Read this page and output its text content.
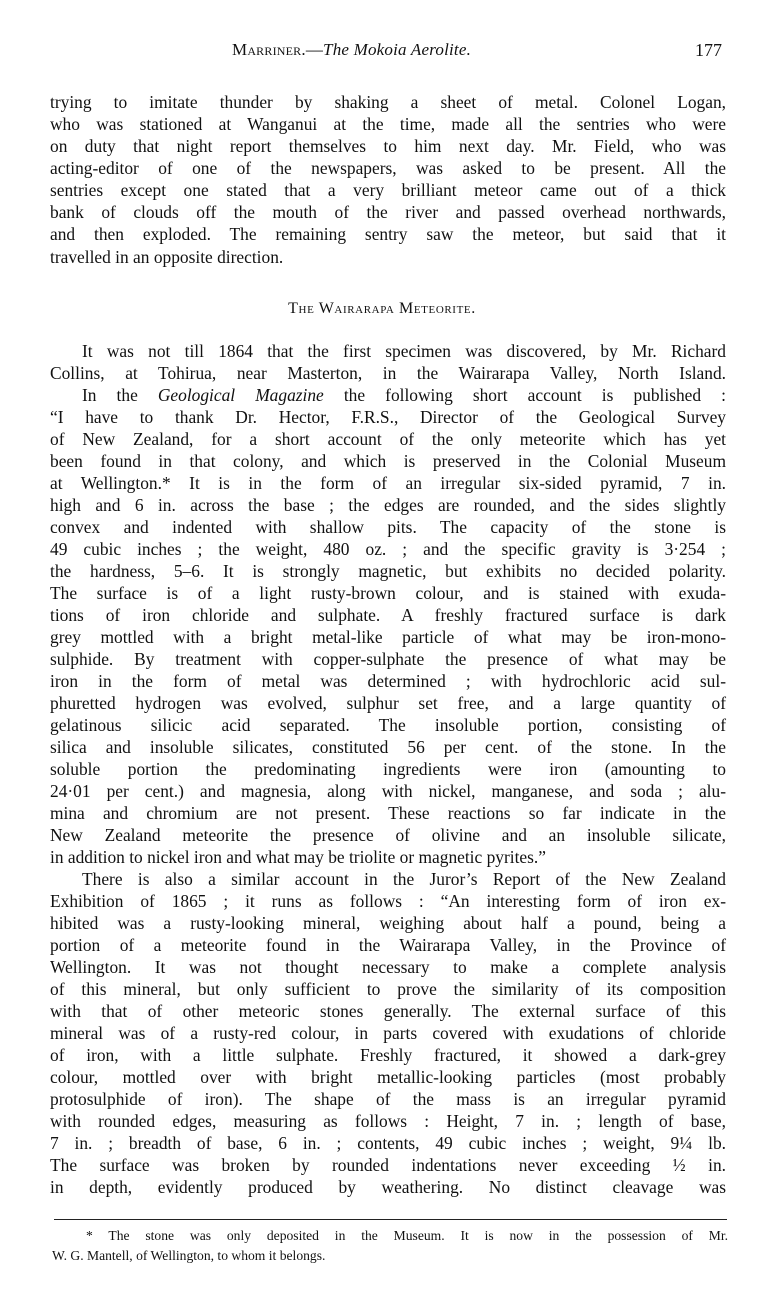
Marriner.—The Mokoia Aerolite.	177
trying to imitate thunder by shaking a sheet of metal. Colonel Logan,
who was stationed at Wanganui at the time, made all the sentries who were
on duty that night report themselves to him next day. Mr. Field, who was
acting-editor of one of the newspapers, was asked to be present. All the
sentries except one stated that a very brilliant meteor came out of a thick
bank of clouds off the mouth of the river and passed overhead northwards,
and then exploded. The remaining sentry saw the meteor, but said that it
travelled in an opposite direction.
The Wairarapa Meteorite.
It was not till 1864 that the first specimen was discovered, by Mr. Richard
Collins, at Tohirua, near Masterton, in the Wairarapa Valley, North Island.
In the Geological Magazine the following short account is published :
“I have to thank Dr. Hector, F.R.S., Director of the Geological Survey
of New Zealand, for a short account of the only meteorite which has yet
been found in that colony, and which is preserved in the Colonial Museum
at Wellington.* It is in the form of an irregular six-sided pyramid, 7 in.
high and 6 in. across the base ; the edges are rounded, and the sides slightly
convex and indented with shallow pits. The capacity of the stone is
49 cubic inches ; the weight, 480 oz. ; and the specific gravity is 3·254 ;
the hardness, 5–6. It is strongly magnetic, but exhibits no decided polarity.
The surface is of a light rusty-brown colour, and is stained with exuda-
tions of iron chloride and sulphate. A freshly fractured surface is dark
grey mottled with a bright metal-like particle of what may be iron-mono-
sulphide. By treatment with copper-sulphate the presence of what may be
iron in the form of metal was determined ; with hydrochloric acid sul-
phuretted hydrogen was evolved, sulphur set free, and a large quantity of
gelatinous silicic acid separated. The insoluble portion, consisting of
silica and insoluble silicates, constituted 56 per cent. of the stone. In the
soluble portion the predominating ingredients were iron (amounting to
24·01 per cent.) and magnesia, along with nickel, manganese, and soda ; alu-
mina and chromium are not present. These reactions so far indicate in the
New Zealand meteorite the presence of olivine and an insoluble silicate,
in addition to nickel iron and what may be triolite or magnetic pyrites.”
There is also a similar account in the Juror’s Report of the New Zealand
Exhibition of 1865 ; it runs as follows : “An interesting form of iron ex-
hibited was a rusty-looking mineral, weighing about half a pound, being a
portion of a meteorite found in the Wairarapa Valley, in the Province of
Wellington. It was not thought necessary to make a complete analysis
of this mineral, but only sufficient to prove the similarity of its composition
with that of other meteoric stones generally. The external surface of this
mineral was of a rusty-red colour, in parts covered with exudations of chloride
of iron, with a little sulphate. Freshly fractured, it showed a dark-grey
colour, mottled over with bright metallic-looking particles (most probably
protosulphide of iron). The shape of the mass is an irregular pyramid
with rounded edges, measuring as follows : Height, 7 in. ; length of base,
7 in. ; breadth of base, 6 in. ; contents, 49 cubic inches ; weight, 9¼ lb.
The surface was broken by rounded indentations never exceeding ½ in.
in depth, evidently produced by weathering. No distinct cleavage was
* The stone was only deposited in the Museum. It is now in the possession of Mr.
W. G. Mantell, of Wellington, to whom it belongs.
